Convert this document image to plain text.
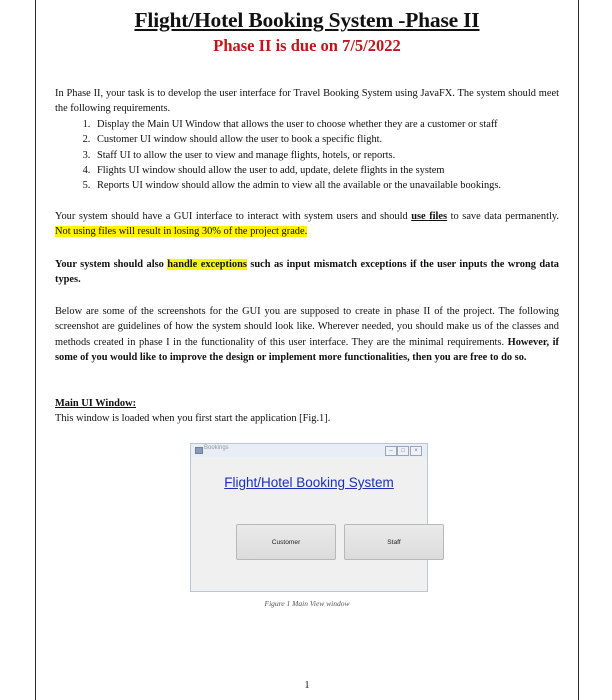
Flight/Hotel Booking System -Phase II
Phase II is due on 7/5/2022
In Phase II, your task is to develop the user interface for Travel Booking System using JavaFX. The system should meet the following requirements.
1. Display the Main UI Window that allows the user to choose whether they are a customer or staff
2. Customer UI window should allow the user to book a specific flight.
3. Staff UI to allow the user to view and manage flights, hotels, or reports.
4. Flights UI window should allow the user to add, update, delete flights in the system
5. Reports UI window should allow the admin to view all the available or the unavailable bookings.
Your system should have a GUI interface to interact with system users and should use files to save data permanently. Not using files will result in losing 30% of the project grade.
Your system should also handle exceptions such as input mismatch exceptions if the user inputs the wrong data types.
Below are some of the screenshots for the GUI you are supposed to create in phase II of the project. The following screenshot are guidelines of how the system should look like. Wherever needed, you should make us of the classes and methods created in phase I in the functionality of this user interface. They are the minimal requirements. However, if some of you would like to improve the design or implement more functionalities, then you are free to do so.
Main UI Window:
This window is loaded when you first start the application [Fig.1].
Bookings	–	□	×
Flight/Hotel Booking System
Customer	Staff
Figure 1 Main View window
1
